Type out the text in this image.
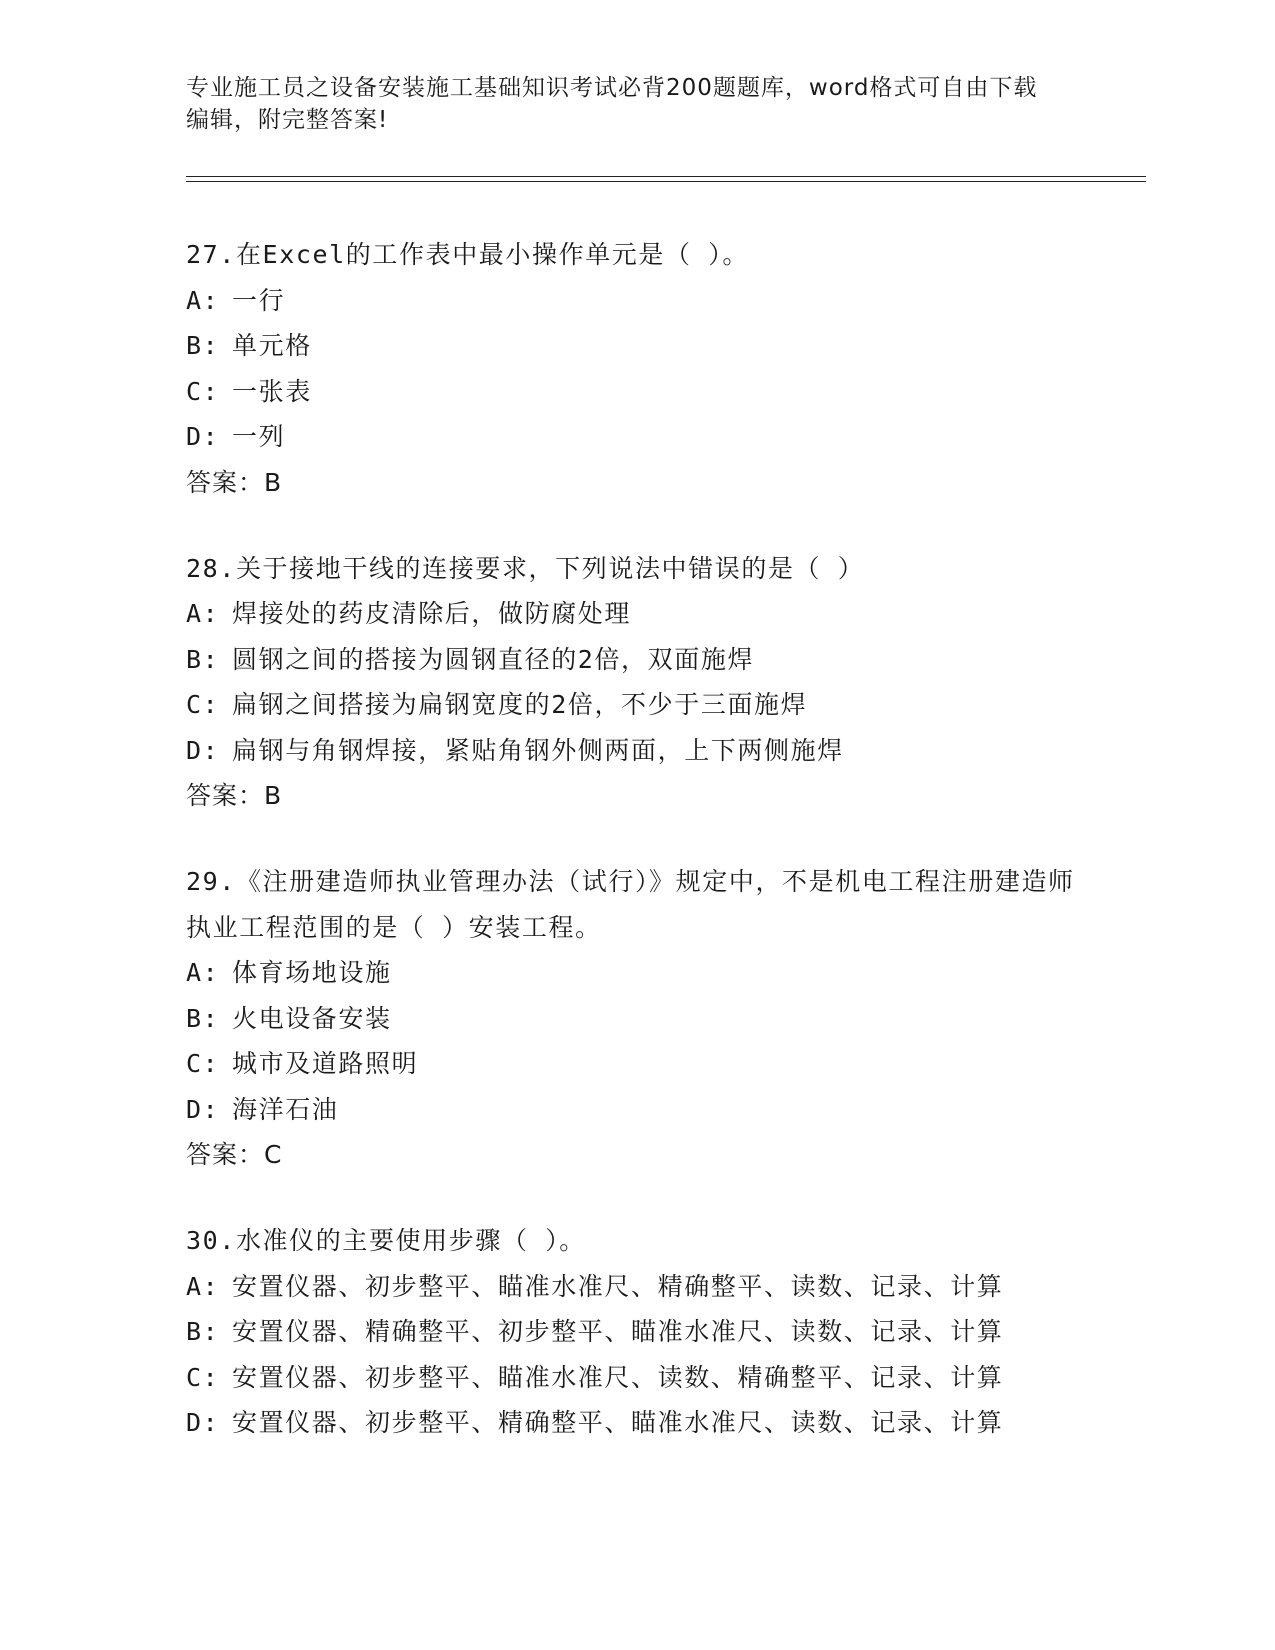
专业施工员之设备安装施工基础知识考试必背200题题库，word格式可自由下载
编辑，附完整答案!

27.在Excel的工作表中最小操作单元是（ ）。

A: 一行

B: 单元格

C: 一张表

D: 一列

答案：B

28.关于接地干线的连接要求，下列说法中错误的是（ ）

A: 焊接处的药皮清除后，做防腐处理

B: 圆钢之间的搭接为圆钢直径的2倍，双面施焊

C: 扁钢之间搭接为扁钢宽度的2倍，不少于三面施焊

D: 扁钢与角钢焊接，紧贴角钢外侧两面，上下两侧施焊

答案：B

29.《注册建造师执业管理办法（试行）》规定中，不是机电工程注册建造师执业工程范围的是（ ）安装工程。

A: 体育场地设施

B: 火电设备安装

C: 城市及道路照明

D: 海洋石油

答案：C

30.水准仪的主要使用步骤（ ）。

A: 安置仪器、初步整平、瞄准水准尺、精确整平、读数、记录、计算

B: 安置仪器、精确整平、初步整平、瞄准水准尺、读数、记录、计算

C: 安置仪器、初步整平、瞄准水准尺、读数、精确整平、记录、计算

D: 安置仪器、初步整平、精确整平、瞄准水准尺、读数、记录、计算
